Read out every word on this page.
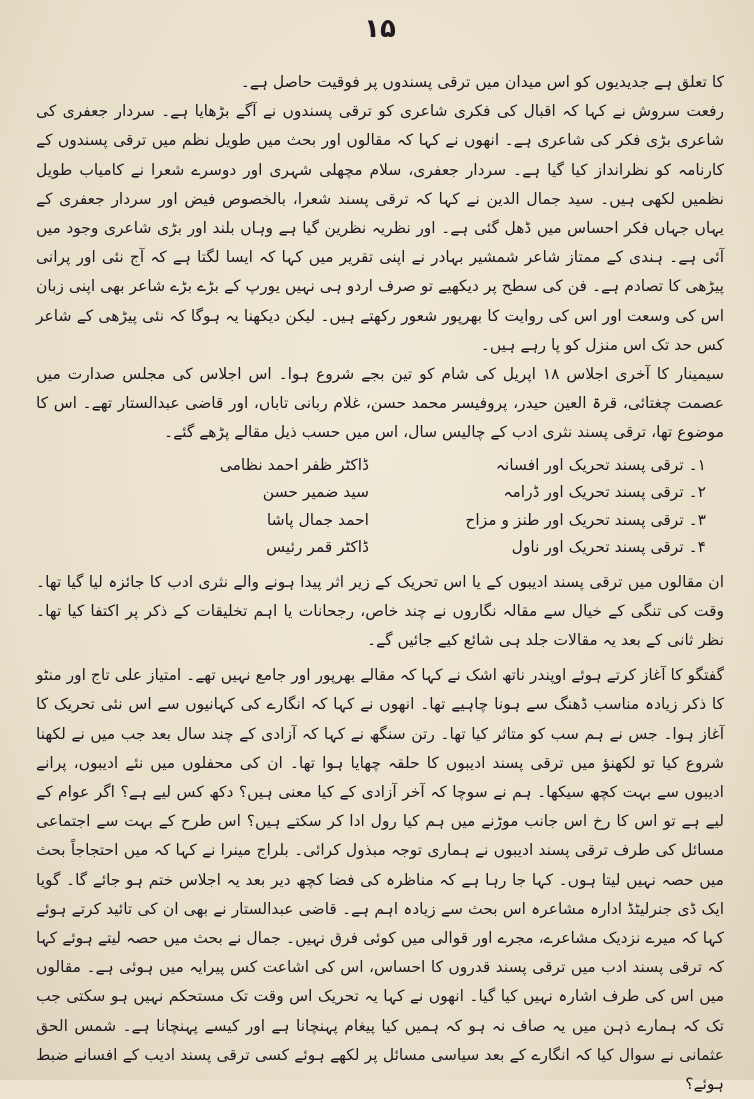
۱۵

کا تعلق ہے جدیدیوں کو اس میدان میں ترقی پسندوں پر فوقیت حاصل ہے۔

رفعت سروش نے کہا کہ اقبال کی فکری شاعری کو ترقی پسندوں نے آگے بڑھایا ہے۔ سردار جعفری کی شاعری بڑی فکر کی شاعری ہے۔ انھوں نے کہا کہ مقالوں اور بحث میں طویل نظم میں ترقی پسندوں کے کارنامہ کو نظرانداز کیا گیا ہے۔ سردار جعفری، سلام مچھلی شہری اور دوسرے شعرا نے کامیاب طویل نظمیں لکھی ہیں۔ سید جمال الدین نے کہا کہ ترقی پسند شعرا، بالخصوص فیض اور سردار جعفری کے یہاں جہاں فکر احساس میں ڈھل گئی ہے۔ اور نظریہ نظرین گیا ہے وہاں بلند اور بڑی شاعری وجود میں آئی ہے۔ ہندی کے ممتاز شاعر شمشیر بہادر نے اپنی تقریر میں کہا کہ ایسا لگتا ہے کہ آج نئی اور پرانی پیڑھی کا تصادم ہے۔ فن کی سطح پر دیکھیے تو صرف اردو ہی نہیں یورپ کے بڑے بڑے شاعر بھی اپنی زبان اس کی وسعت اور اس کی روایت کا بھرپور شعور رکھتے ہیں۔ لیکن دیکھنا یہ ہوگا کہ نئی پیڑھی کے شاعر کس حد تک اس منزل کو پا رہے ہیں۔

سیمینار کا آخری اجلاس ۱۸ اپریل کی شام کو تین بجے شروع ہوا۔ اس اجلاس کی مجلس صدارت میں عصمت چغتائی، قرۃ العین حیدر، پروفیسر محمد حسن، غلام ربانی تاباں، اور قاضی عبدالستار تھے۔ اس کا موضوع تھا، ترقی پسند نثری ادب کے چالیس سال، اس میں حسب ذیل مقالے پڑھے گئے۔

۱۔ ترقی پسند تحریک اور افسانہ
ڈاکٹر ظفر احمد نظامی
۲۔ ترقی پسند تحریک اور ڈرامہ
سید ضمیر حسن
۳۔ ترقی پسند تحریک اور طنز و مزاح
احمد جمال پاشا
۴۔ ترقی پسند تحریک اور ناول
ڈاکٹر قمر رئیس

ان مقالوں میں ترقی پسند ادیبوں کے یا اس تحریک کے زیر اثر پیدا ہونے والے نثری ادب کا جائزہ لیا گیا تھا۔ وقت کی تنگی کے خیال سے مقالہ نگاروں نے چند خاص، رجحانات یا اہم تخلیقات کے ذکر پر اکتفا کیا تھا۔ نظر ثانی کے بعد یہ مقالات جلد ہی شائع کیے جائیں گے۔

گفتگو کا آغاز کرتے ہوئے اوپندر ناتھ اشک نے کہا کہ مقالے بھرپور اور جامع نہیں تھے۔ امتیاز علی تاج اور منٹو کا ذکر زیادہ مناسب ڈھنگ سے ہونا چاہیے تھا۔ انھوں نے کہا کہ انگارے کی کہانیوں سے اس نئی تحریک کا آغاز ہوا۔ جس نے ہم سب کو متاثر کیا تھا۔ رتن سنگھ نے کہا کہ آزادی کے چند سال بعد جب میں نے لکھنا شروع کیا تو لکھنؤ میں ترقی پسند ادیبوں کا حلقہ چھایا ہوا تھا۔ ان کی محفلوں میں نئے ادیبوں، پرانے ادیبوں سے بہت کچھ سیکھا۔ ہم نے سوچا کہ آخر آزادی کے کیا معنی ہیں؟ دکھ کس لیے ہے؟ اگر عوام کے لیے ہے تو اس کا رخ اس جانب موڑنے میں ہم کیا رول ادا کر سکتے ہیں؟ اس طرح کے بہت سے اجتماعی مسائل کی طرف ترقی پسند ادیبوں نے ہماری توجہ مبذول کرائی۔ بلراج مینرا نے کہا کہ میں احتجاجاً بحث میں حصہ نہیں لیتا ہوں۔ کہا جا رہا ہے کہ مناظرہ کی فضا کچھ دیر بعد یہ اجلاس ختم ہو جائے گا۔ گویا ایک ڈی جنرلیٹڈ ادارہ مشاعرہ اس بحث سے زیادہ اہم ہے۔ قاضی عبدالستار نے بھی ان کی تائید کرتے ہوئے کہا کہ میرے نزدیک مشاعرے، مجرے اور قوالی میں کوئی فرق نہیں۔ جمال نے بحث میں حصہ لیتے ہوئے کہا کہ ترقی پسند ادب میں ترقی پسند قدروں کا احساس، اس کی اشاعت کس پیرایہ میں ہوئی ہے۔ مقالوں میں اس کی طرف اشارہ نہیں کیا گیا۔ انھوں نے کہا یہ تحریک اس وقت تک مستحکم نہیں ہو سکتی جب تک کہ ہمارے ذہن میں یہ صاف نہ ہو کہ ہمیں کیا پیغام پہنچانا ہے اور کیسے پہنچانا ہے۔ شمس الحق عثمانی نے سوال کیا کہ انگارے کے بعد سیاسی مسائل پر لکھے ہوئے کسی ترقی پسند ادیب کے افسانے ضبط ہوئے؟
